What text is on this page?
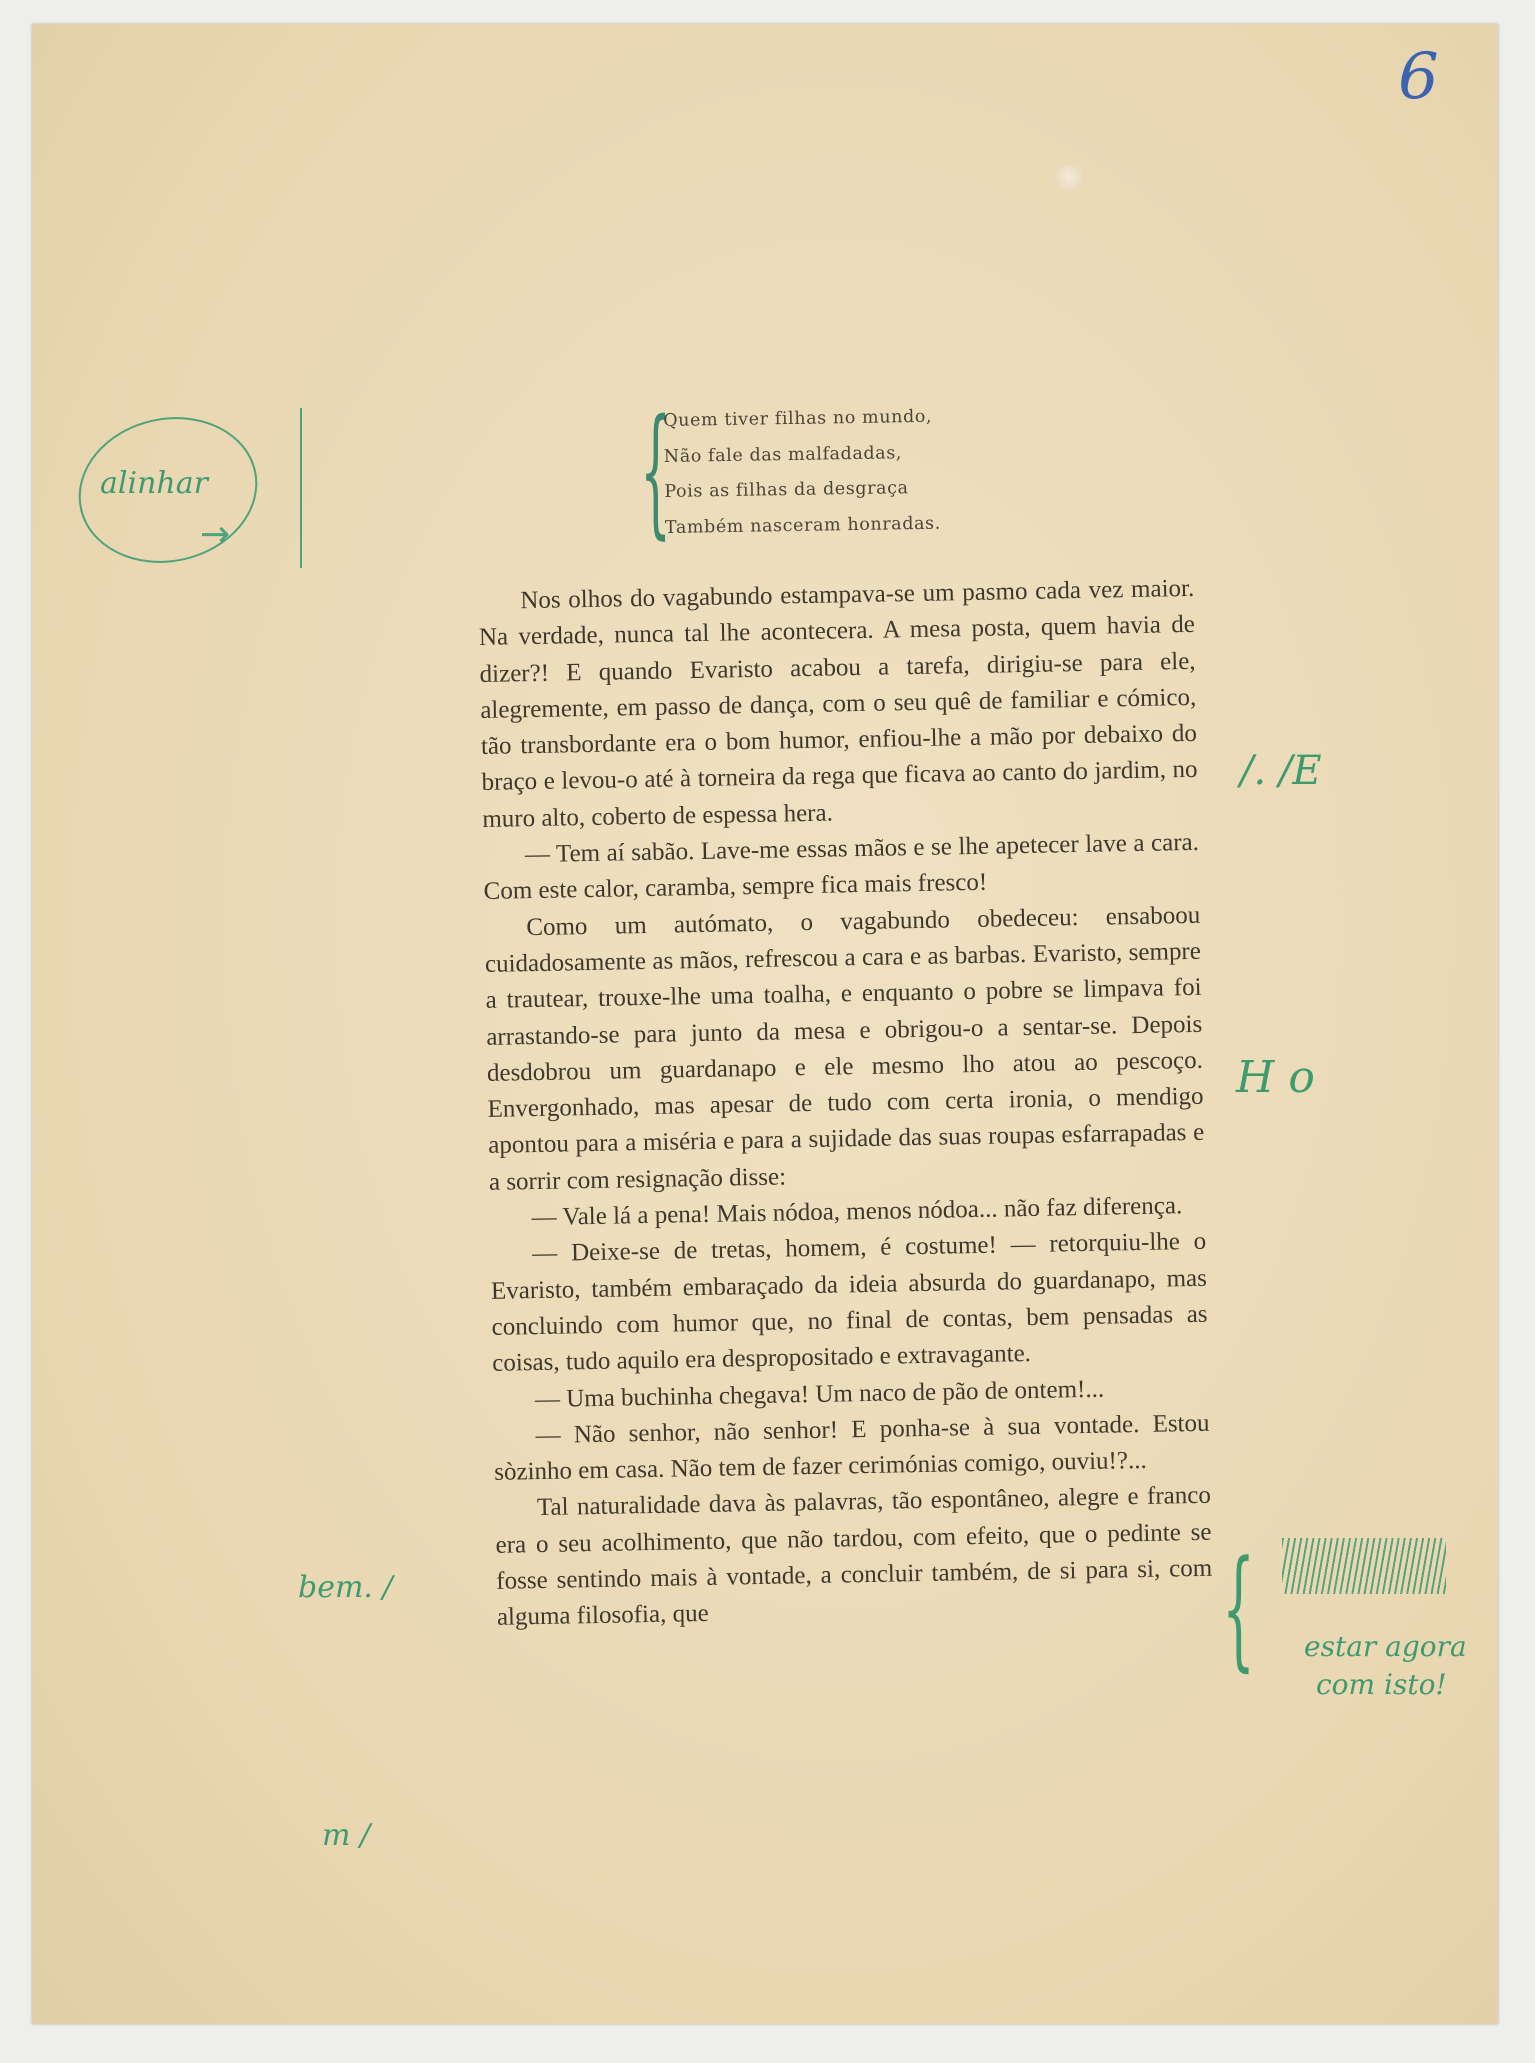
6
{
Quem tiver filhas no mundo,
Não fale das malfadadas,
Pois as filhas da desgraça
Também nasceram honradas.
alinhar
→

Nos olhos do vagabundo estampava-se um pasmo cada vez maior. Na verdade, nunca tal lhe acontecera. A mesa posta, quem havia de dizer?! E quando Evaristo acabou a tarefa, dirigiu-se para ele, alegremente, em passo de dança, com o seu quê de familiar e cómico, tão transbordante era o bom humor, enfiou-lhe a mão por debaixo do braço e levou-o até à torneira da rega que ficava ao canto do jardim, no muro alto, coberto de espessa hera.

— Tem aí sabão. Lave-me essas mãos e se lhe apetecer lave a cara. Com este calor, caramba, sempre fica mais fresco!

Como um autómato, o vagabundo obedeceu: ensaboou cuidadosamente as mãos, refrescou a cara e as barbas. Evaristo, sempre a trautear, trouxe-lhe uma toalha, e enquanto o pobre se limpava foi arrastando-se para junto da mesa e obrigou-o a sentar-se. Depois desdobrou um guardanapo e ele mesmo lho atou ao pescoço. Envergonhado, mas apesar de tudo com certa ironia, o mendigo apontou para a miséria e para a sujidade das suas roupas esfarrapadas e a sorrir com resignação disse:

— Vale lá a pena! Mais nódoa, menos nódoa... não faz diferença.

— Deixe-se de tretas, homem, é costume! — retorquiu-lhe o Evaristo, também embaraçado da ideia absurda do guardanapo, mas concluindo com humor que, no final de contas, bem pensadas as coisas, tudo aquilo era despropositado e extravagante.

— Uma buchinha chegava! Um naco de pão de ontem!...

— Não senhor, não senhor! E ponha-se à sua vontade. Estou sòzinho em casa. Não tem de fazer cerimónias comigo, ouviu!?...

Tal naturalidade dava às palavras, tão espontâneo, alegre e franco era o seu acolhimento, que não tardou, com efeito, que o pedinte se fosse sentindo mais à vontade, a concluir também, de si para si, com alguma filosofia, que

/. /E
H o
bem. /	{ estar agora
com isto!
m /
